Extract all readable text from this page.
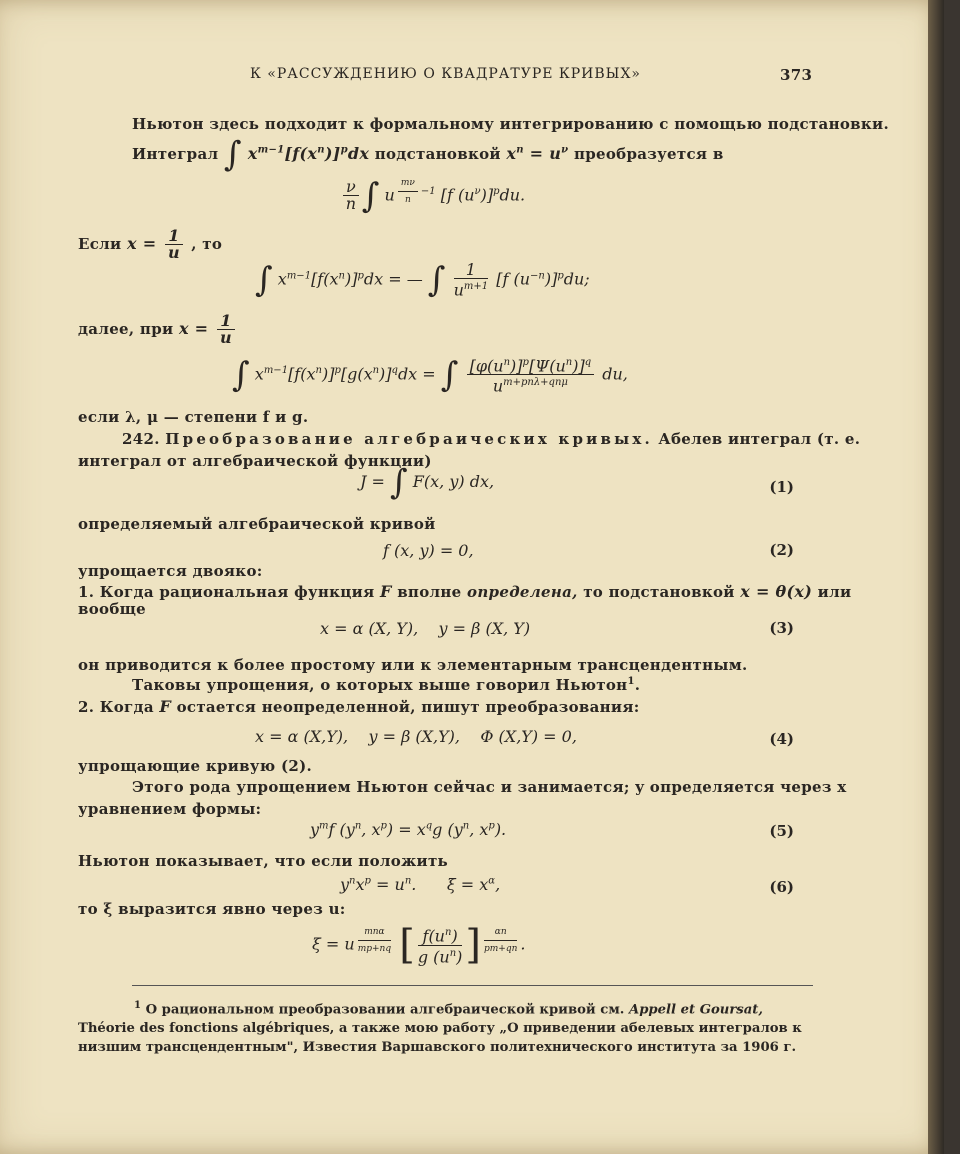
К «РАССУЖДЕНИЮ О КВАДРАТУРЕ КРИВЫХ»	373
Ньютон здесь подходит к формальному интегрированию с помощью подстановки.
Интеграл ∫ $x^{m-1}[f(x^n)]^pdx$ подстановкой $x^n = u^\nu$ преобразуется в
$\frac{\nu}{n}$ ∫ u $^{\frac{m\nu}{n} -1}$ [f $(u^\nu)]^pdu$.
Если $x = \frac{1}{u}$ , то
∫ $x^{m-1}[f(x^n)]^pdx$ = — ∫ $\frac{1}{u^{m+1}} [f$ $(u^{-n})]^pdu$;
далее, при $x = \frac{1}{u}$
∫ $x^{m-1}[f(x^n)]^p[g(x^n)]^qdx$ = ∫ $\frac{[\varphi(u^n)]^p[\Psi(u^n)]^q}{u^{m+pn\lambda+qn\mu}}$ du,
если λ, μ — степени f и g.
242. Преобразование алгебраических кривых. Абелев интеграл (т. е.
интеграл от алгебраической функции)
J = ∫ F(x, y) dx,	(1)
определяемый алгебраической кривой
f (x, y) = 0,	(2)
упрощается двояко:
1. Когда рациональная функция F вполне определена, то подстановкой x = θ(x) или
вообще
x = α (X, Y),    y = β (X, Y)	(3)
он приводится к более простому или к элементарным трансцендентным.
Таковы упрощения, о которых выше говорил Ньютон$^1$.
2. Когда F остается неопределенной, пишут преобразования:
x = α (X,Y),    y = β (X,Y),    Φ (X,Y) = 0,	(4)
упрощающие кривую (2).
Этого рода упрощением Ньютон сейчас и занимается; y определяется через x
уравнением формы:
$y^mf$ ($y^n$, $x^p) = x^qg$ ($y^n$, $x^p$).	(5)
Ньютон показывает, что если положить
$y^nx^p = u^n$.      $\xi = x^\alpha$,	(6)
то ξ выразится явно через u:
ξ = u $^{\frac{\text{mnα}}{mp+nq}}$ [ $\frac{f(u^n)}{g (u^n)}$ ] $^{\frac{\alpha n}{pm+qn}}$ .
$^1$ О рациональном преобразовании алгебраической кривой см. Appell et Goursat, Théorie des fonctions algébriques, а также мою работу „О приведении абелевых интегралов к низшим трансцендентным", Известия Варшавского политехнического института за 1906 г.
